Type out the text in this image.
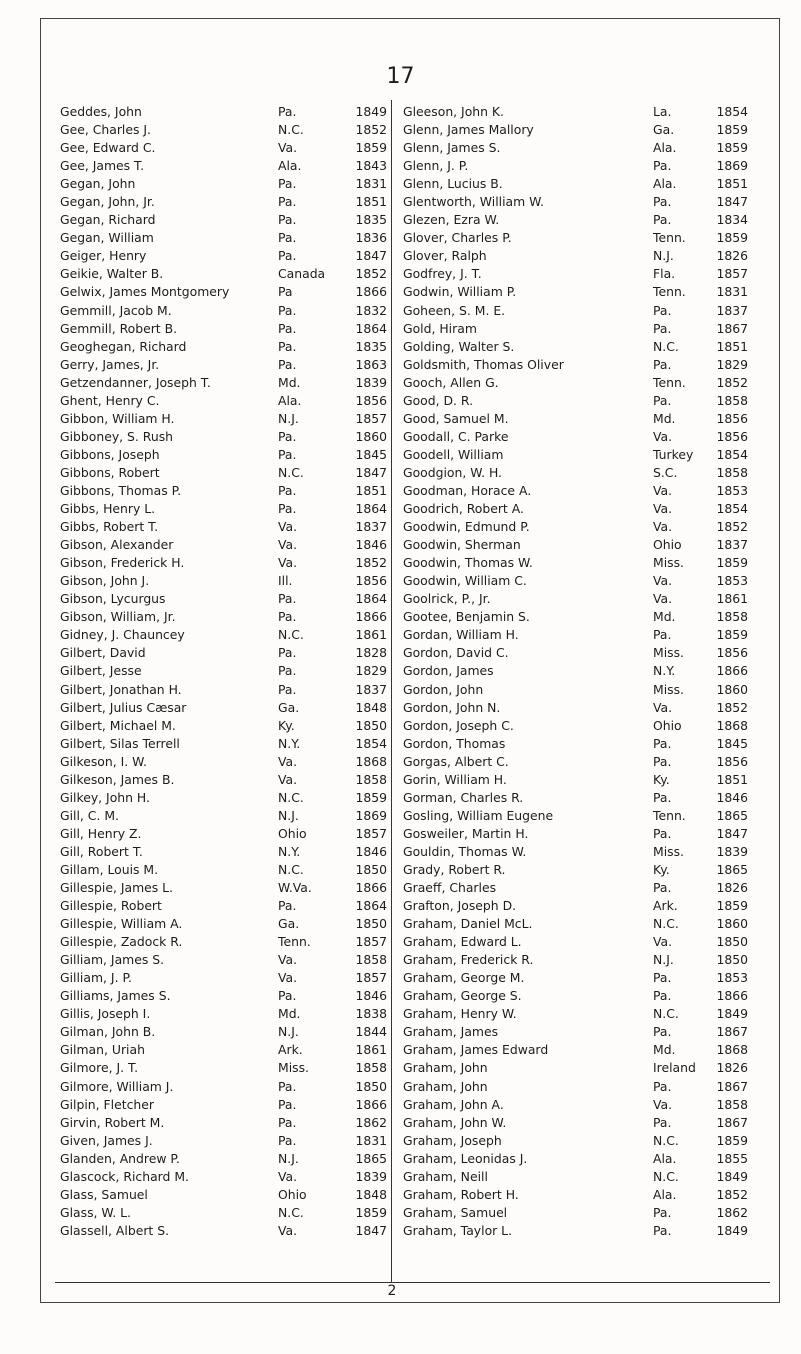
17
Geddes, John	Pa.	1849
Gee, Charles J.	N.C.	1852
Gee, Edward C.	Va.	1859
Gee, James T.	Ala.	1843
Gegan, John	Pa.	1831
Gegan, John, Jr.	Pa.	1851
Gegan, Richard	Pa.	1835
Gegan, William	Pa.	1836
Geiger, Henry	Pa.	1847
Geikie, Walter B.	Canada 1852
Gelwix, James Montgomery	Pa	1866
Gemmill, Jacob M.	Pa.	1832
Gemmill, Robert B.	Pa.	1864
Geoghegan, Richard	Pa.	1835
Gerry, James, Jr.	Pa.	1863
Getzendanner, Joseph T.	Md.	1839
Ghent, Henry C.	Ala.	1856
Gibbon, William H.	N.J.	1857
Gibboney, S. Rush	Pa.	1860
Gibbons, Joseph	Pa.	1845
Gibbons, Robert	N.C.	1847
Gibbons, Thomas P.	Pa.	1851
Gibbs, Henry L.	Pa.	1864
Gibbs, Robert T.	Va.	1837
Gibson, Alexander	Va.	1846
Gibson, Frederick H.	Va.	1852
Gibson, John J.	Ill.	1856
Gibson, Lycurgus	Pa.	1864
Gibson, William, Jr.	Pa.	1866
Gidney, J. Chauncey	N.C.	1861
Gilbert, David	Pa.	1828
Gilbert, Jesse	Pa.	1829
Gilbert, Jonathan H.	Pa.	1837
Gilbert, Julius Cæsar	Ga.	1848
Gilbert, Michael M.	Ky.	1850
Gilbert, Silas Terrell	N.Y.	1854
Gilkeson, I. W.	Va.	1868
Gilkeson, James B.	Va.	1858
Gilkey, John H.	N.C.	1859
Gill, C. M.	N.J.	1869
Gill, Henry Z.	Ohio	1857
Gill, Robert T.	N.Y.	1846
Gillam, Louis M.	N.C.	1850
Gillespie, James L.	W.Va.	1866
Gillespie, Robert	Pa.	1864
Gillespie, William A.	Ga.	1850
Gillespie, Zadock R.	Tenn.	1857
Gilliam, James S.	Va.	1858
Gilliam, J. P.	Va.	1857
Gilliams, James S.	Pa.	1846
Gillis, Joseph I.	Md.	1838
Gilman, John B.	N.J.	1844
Gilman, Uriah	Ark.	1861
Gilmore, J. T.	Miss.	1858
Gilmore, William J.	Pa.	1850
Gilpin, Fletcher	Pa.	1866
Girvin, Robert M.	Pa.	1862
Given, James J.	Pa.	1831
Glanden, Andrew P.	N.J.	1865
Glascock, Richard M.	Va.	1839
Glass, Samuel	Ohio	1848
Glass, W. L.	N.C.	1859
Glassell, Albert S.	Va.	1847
Gleeson, John K.	La.	1854
Glenn, James Mallory	Ga.	1859
Glenn, James S.	Ala.	1859
Glenn, J. P.	Pa.	1869
Glenn, Lucius B.	Ala.	1851
Glentworth, William W.	Pa.	1847
Glezen, Ezra W.	Pa.	1834
Glover, Charles P.	Tenn. 1859
Glover, Ralph	N.J.	1826
Godfrey, J. T.	Fla.	1857
Godwin, William P.	Tenn. 1831
Goheen, S. M. E.	Pa.	1837
Gold, Hiram	Pa.	1867
Golding, Walter S.	N.C.	1851
Goldsmith, Thomas Oliver	Pa.	1829
Gooch, Allen G.	Tenn. 1852
Good, D. R.	Pa.	1858
Good, Samuel M.	Md.	1856
Goodall, C. Parke	Va.	1856
Goodell, William	Turkey 1854
Goodgion, W. H.	S.C.	1858
Goodman, Horace A.	Va.	1853
Goodrich, Robert A.	Va.	1854
Goodwin, Edmund P.	Va.	1852
Goodwin, Sherman	Ohio	1837
Goodwin, Thomas W.	Miss.	1859
Goodwin, William C.	Va.	1853
Goolrick, P., Jr.	Va.	1861
Gootee, Benjamin S.	Md.	1858
Gordan, William H.	Pa.	1859
Gordon, David C.	Miss.	1856
Gordon, James	N.Y.	1866
Gordon, John	Miss.	1860
Gordon, John N.	Va.	1852
Gordon, Joseph C.	Ohio	1868
Gordon, Thomas	Pa.	1845
Gorgas, Albert C.	Pa.	1856
Gorin, William H.	Ky.	1851
Gorman, Charles R.	Pa.	1846
Gosling, William Eugene	Tenn. 1865
Gosweiler, Martin H.	Pa.	1847
Gouldin, Thomas W.	Miss.	1839
Grady, Robert R.	Ky.	1865
Graeff, Charles	Pa.	1826
Grafton, Joseph D.	Ark.	1859
Graham, Daniel McL.	N.C.	1860
Graham, Edward L.	Va.	1850
Graham, Frederick R.	N.J.	1850
Graham, George M.	Pa.	1853
Graham, George S.	Pa.	1866
Graham, Henry W.	N.C.	1849
Graham, James	Pa.	1867
Graham, James Edward	Md.	1868
Graham, John	Ireland 1826
Graham, John	Pa.	1867
Graham, John A.	Va.	1858
Graham, John W.	Pa.	1867
Graham, Joseph	N.C.	1859
Graham, Leonidas J.	Ala.	1855
Graham, Neill	N.C.	1849
Graham, Robert H.	Ala.	1852
Graham, Samuel	Pa.	1862
Graham, Taylor L.	Pa.	1849
2
